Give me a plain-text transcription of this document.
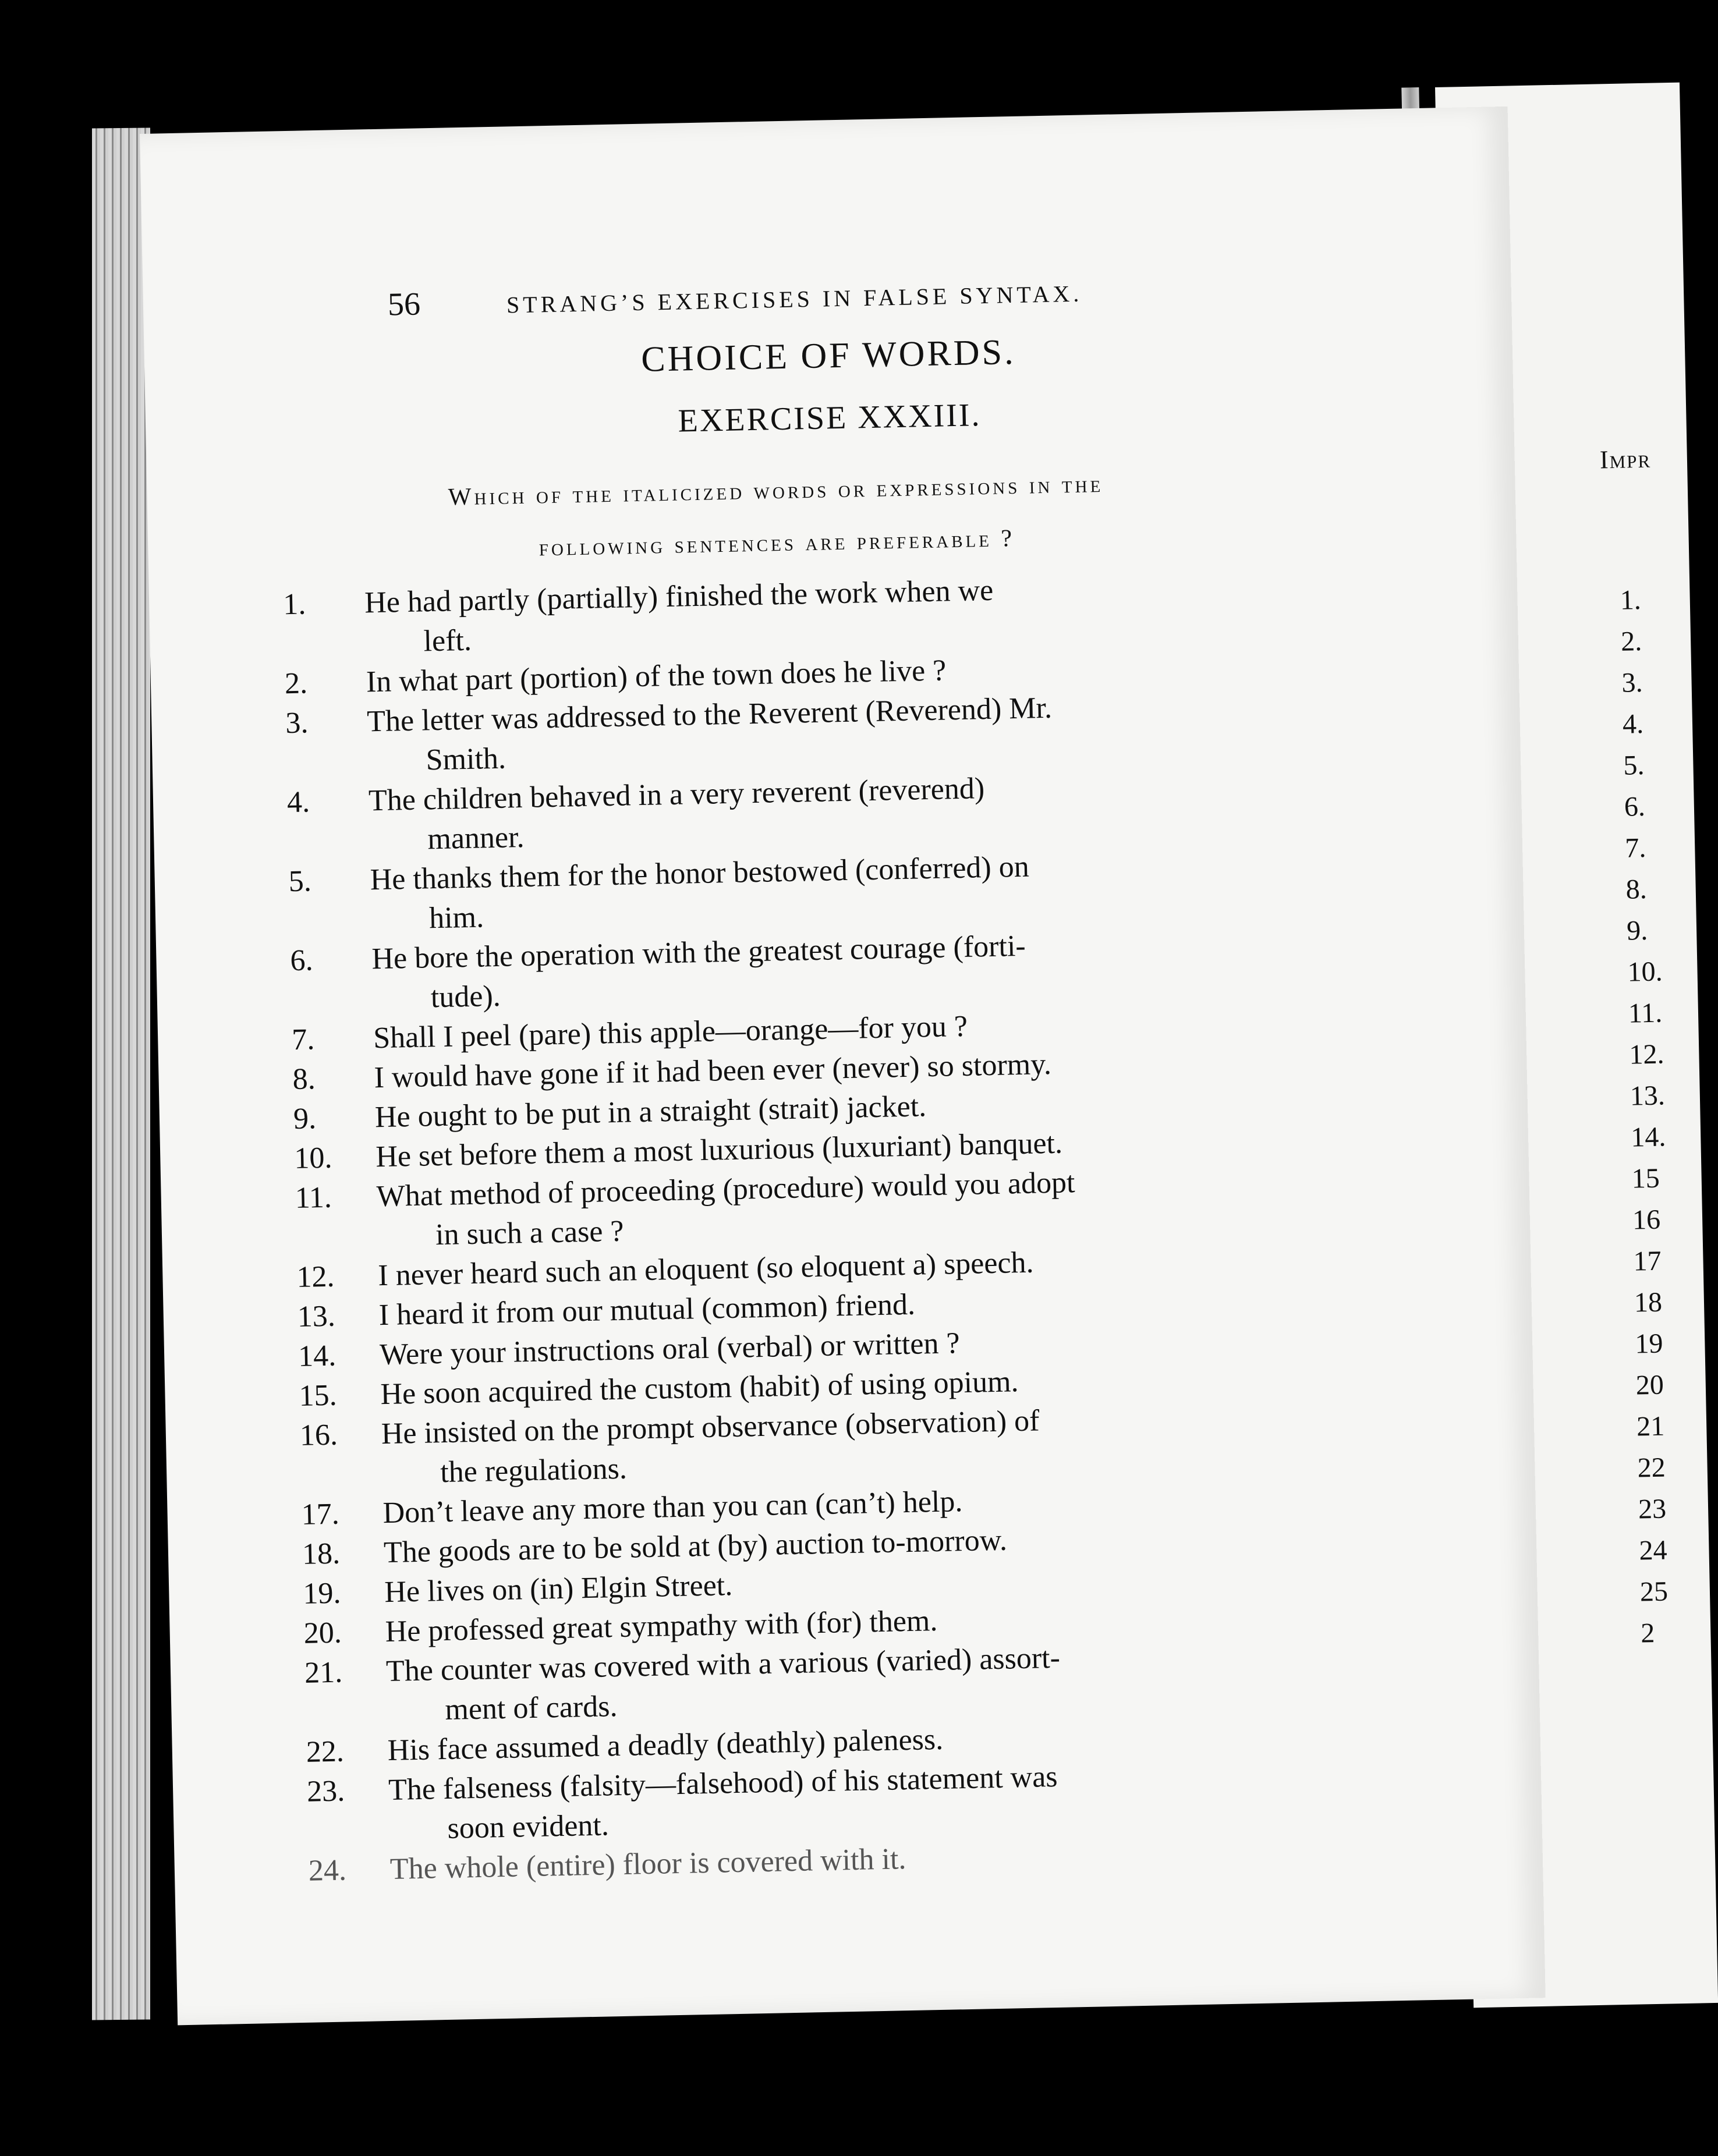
Impr
1.
2.
3.
4.
5.
6.
7.
8.
9.
10.
11.
12.
13.
14.
15
16
17
18
19
20
21
22
23
24
25
2
56	STRANG’S EXERCISES IN FALSE SYNTAX.
CHOICE OF WORDS.
EXERCISE XXXIII.
Which of the italicized words or expressions in the
following sentences are preferable ?
1.	He had partly (partially) finished the work when we
left.
2.	In what part (portion) of the town does he live ?
3.	The letter was addressed to the Reverent (Reverend) Mr.
Smith.
4.	The children behaved in a very reverent (reverend)
manner.
5.	He thanks them for the honor bestowed (conferred) on
him.
6.	He bore the operation with the greatest courage (forti-
tude).
7.	Shall I peel (pare) this apple—orange—for you ?
8.	I would have gone if it had been ever (never) so stormy.
9.	He ought to be put in a straight (strait) jacket.
10.	He set before them a most luxurious (luxuriant) banquet.
11.	What method of proceeding (procedure) would you adopt
in such a case ?
12.	I never heard such an eloquent (so eloquent a) speech.
13.	I heard it from our mutual (common) friend.
14.	Were your instructions oral (verbal) or written ?
15.	He soon acquired the custom (habit) of using opium.
16.	He insisted on the prompt observance (observation) of
the regulations.
17.	Don’t leave any more than you can (can’t) help.
18.	The goods are to be sold at (by) auction to-morrow.
19.	He lives on (in) Elgin Street.
20.	He professed great sympathy with (for) them.
21.	The counter was covered with a various (varied) assort-
ment of cards.
22.	His face assumed a deadly (deathly) paleness.
23.	The falseness (falsity—falsehood) of his statement was
soon evident.
24.	The whole (entire) floor is covered with it.
